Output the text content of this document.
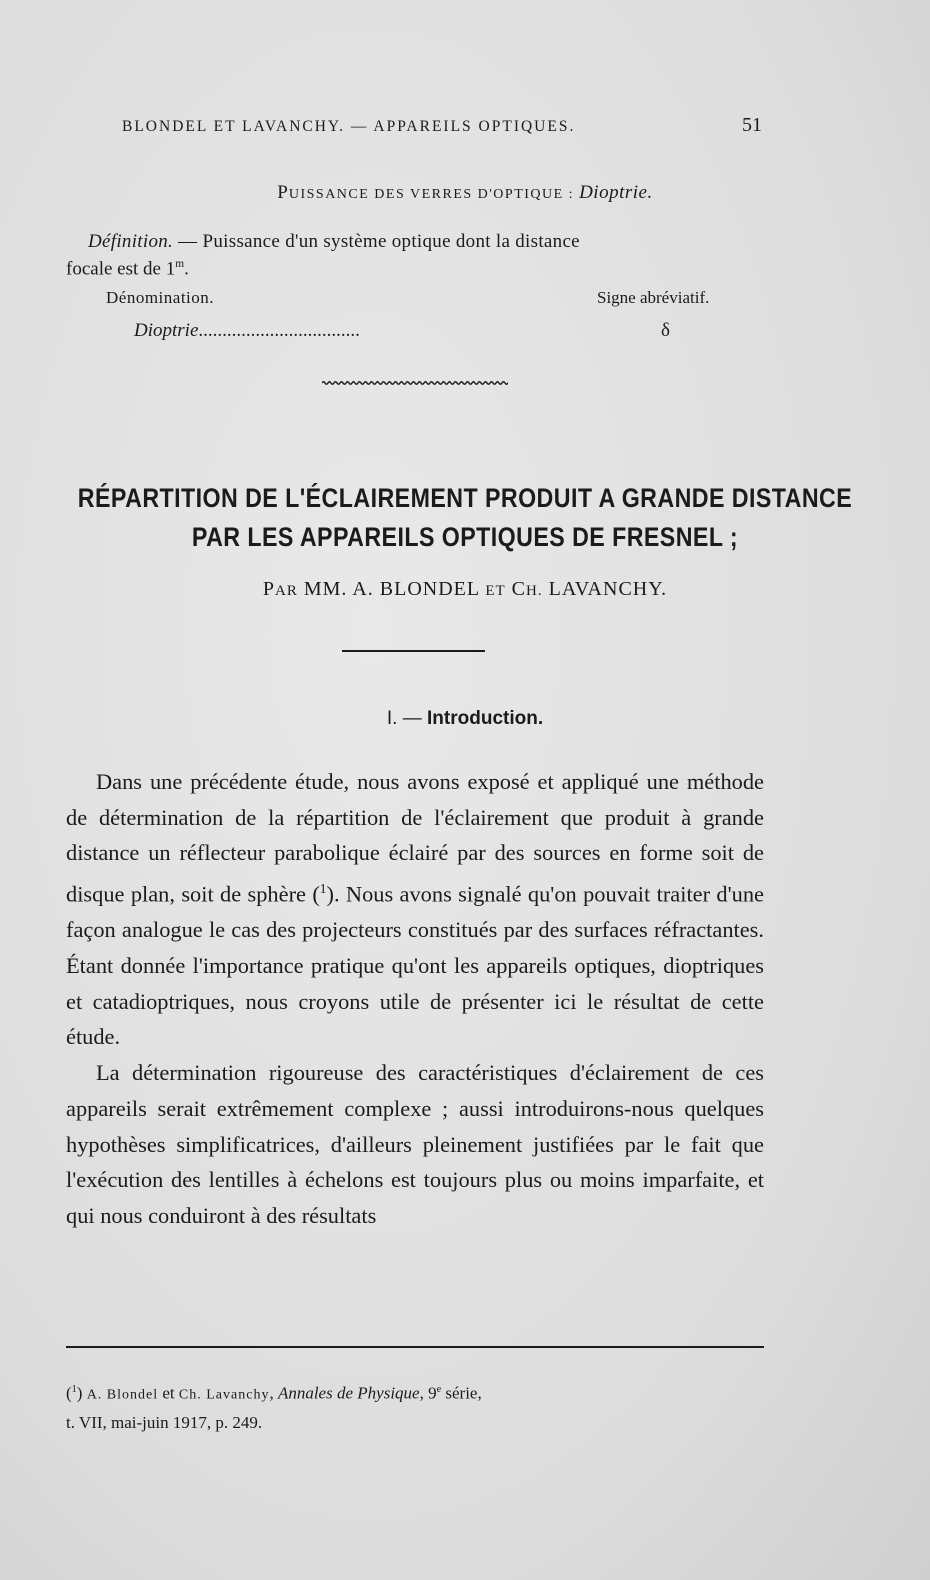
BLONDEL ET LAVANCHY. — APPAREILS OPTIQUES.	51
PUISSANCE DES VERRES D'OPTIQUE : Dioptrie.
Définition. — Puissance d'un système optique dont la distance
focale est de 1$^m$.
Dénomination.	Signe abréviatif.
Dioptrie..................................	δ
RÉPARTITION DE L'ÉCLAIREMENT PRODUIT A GRANDE DISTANCE
PAR LES APPAREILS OPTIQUES DE FRESNEL ;
PAR MM. A. BLONDEL ET CH. LAVANCHY.
I. — Introduction.

Dans une précédente étude, nous avons exposé et appliqué une méthode de détermination de la répartition de l'éclairement que produit à grande distance un réflecteur parabolique éclairé par des sources en forme soit de disque plan, soit de sphère ($^1$). Nous avons signalé qu'on pouvait traiter d'une façon analogue le cas des projecteurs constitués par des surfaces réfractantes. Étant donnée l'importance pratique qu'ont les appareils optiques, dioptriques et catadioptriques, nous croyons utile de présenter ici le résultat de cette étude.

La détermination rigoureuse des caractéristiques d'éclairement de ces appareils serait extrêmement complexe ; aussi introduirons-nous quelques hypothèses simplificatrices, d'ailleurs pleinement justifiées par le fait que l'exécution des lentilles à échelons est toujours plus ou moins imparfaite, et qui nous conduiront à des résultats

($^1$) A. Blondel et Ch. Lavanchy, Annales de Physique, 9e série,
t. VII, mai-juin 1917, p. 249.
